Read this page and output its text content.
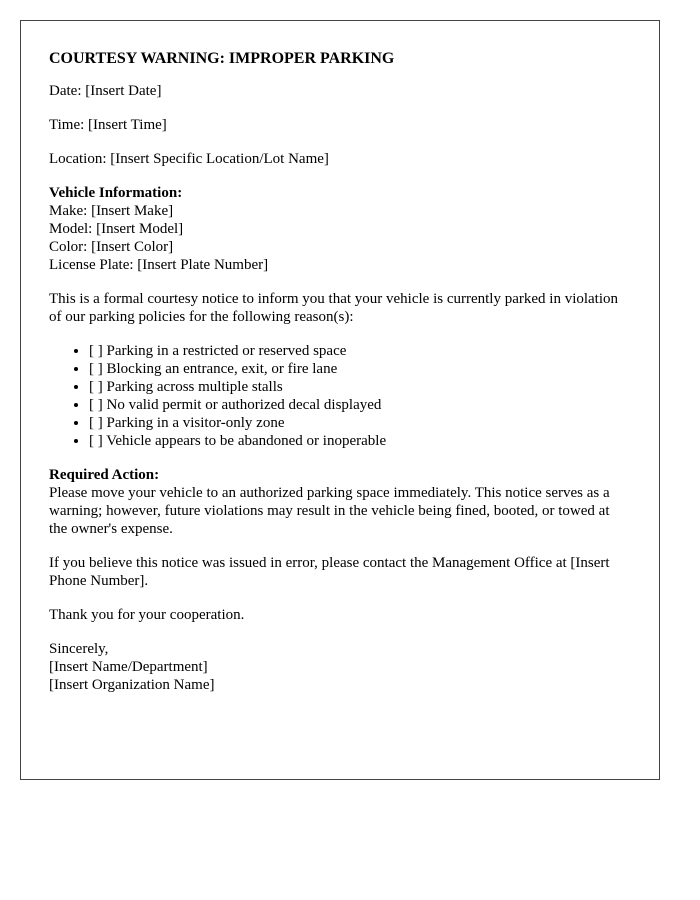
COURTESY WARNING: IMPROPER PARKING

Date: [Insert Date]

Time: [Insert Time]

Location: [Insert Specific Location/Lot Name]

Vehicle Information:
Make: [Insert Make]
Model: [Insert Model]
Color: [Insert Color]
License Plate: [Insert Plate Number]

This is a formal courtesy notice to inform you that your vehicle is currently parked in violation of our parking policies for the following reason(s):

• [ ] Parking in a restricted or reserved space
• [ ] Blocking an entrance, exit, or fire lane
• [ ] Parking across multiple stalls
• [ ] No valid permit or authorized decal displayed
• [ ] Parking in a visitor-only zone
• [ ] Vehicle appears to be abandoned or inoperable
Required Action:
Please move your vehicle to an authorized parking space immediately. This notice serves as a warning; however, future violations may result in the vehicle being fined, booted, or towed at the owner's expense.

If you believe this notice was issued in error, please contact the Management Office at [Insert Phone Number].

Thank you for your cooperation.

Sincerely,
[Insert Name/Department]
[Insert Organization Name]
